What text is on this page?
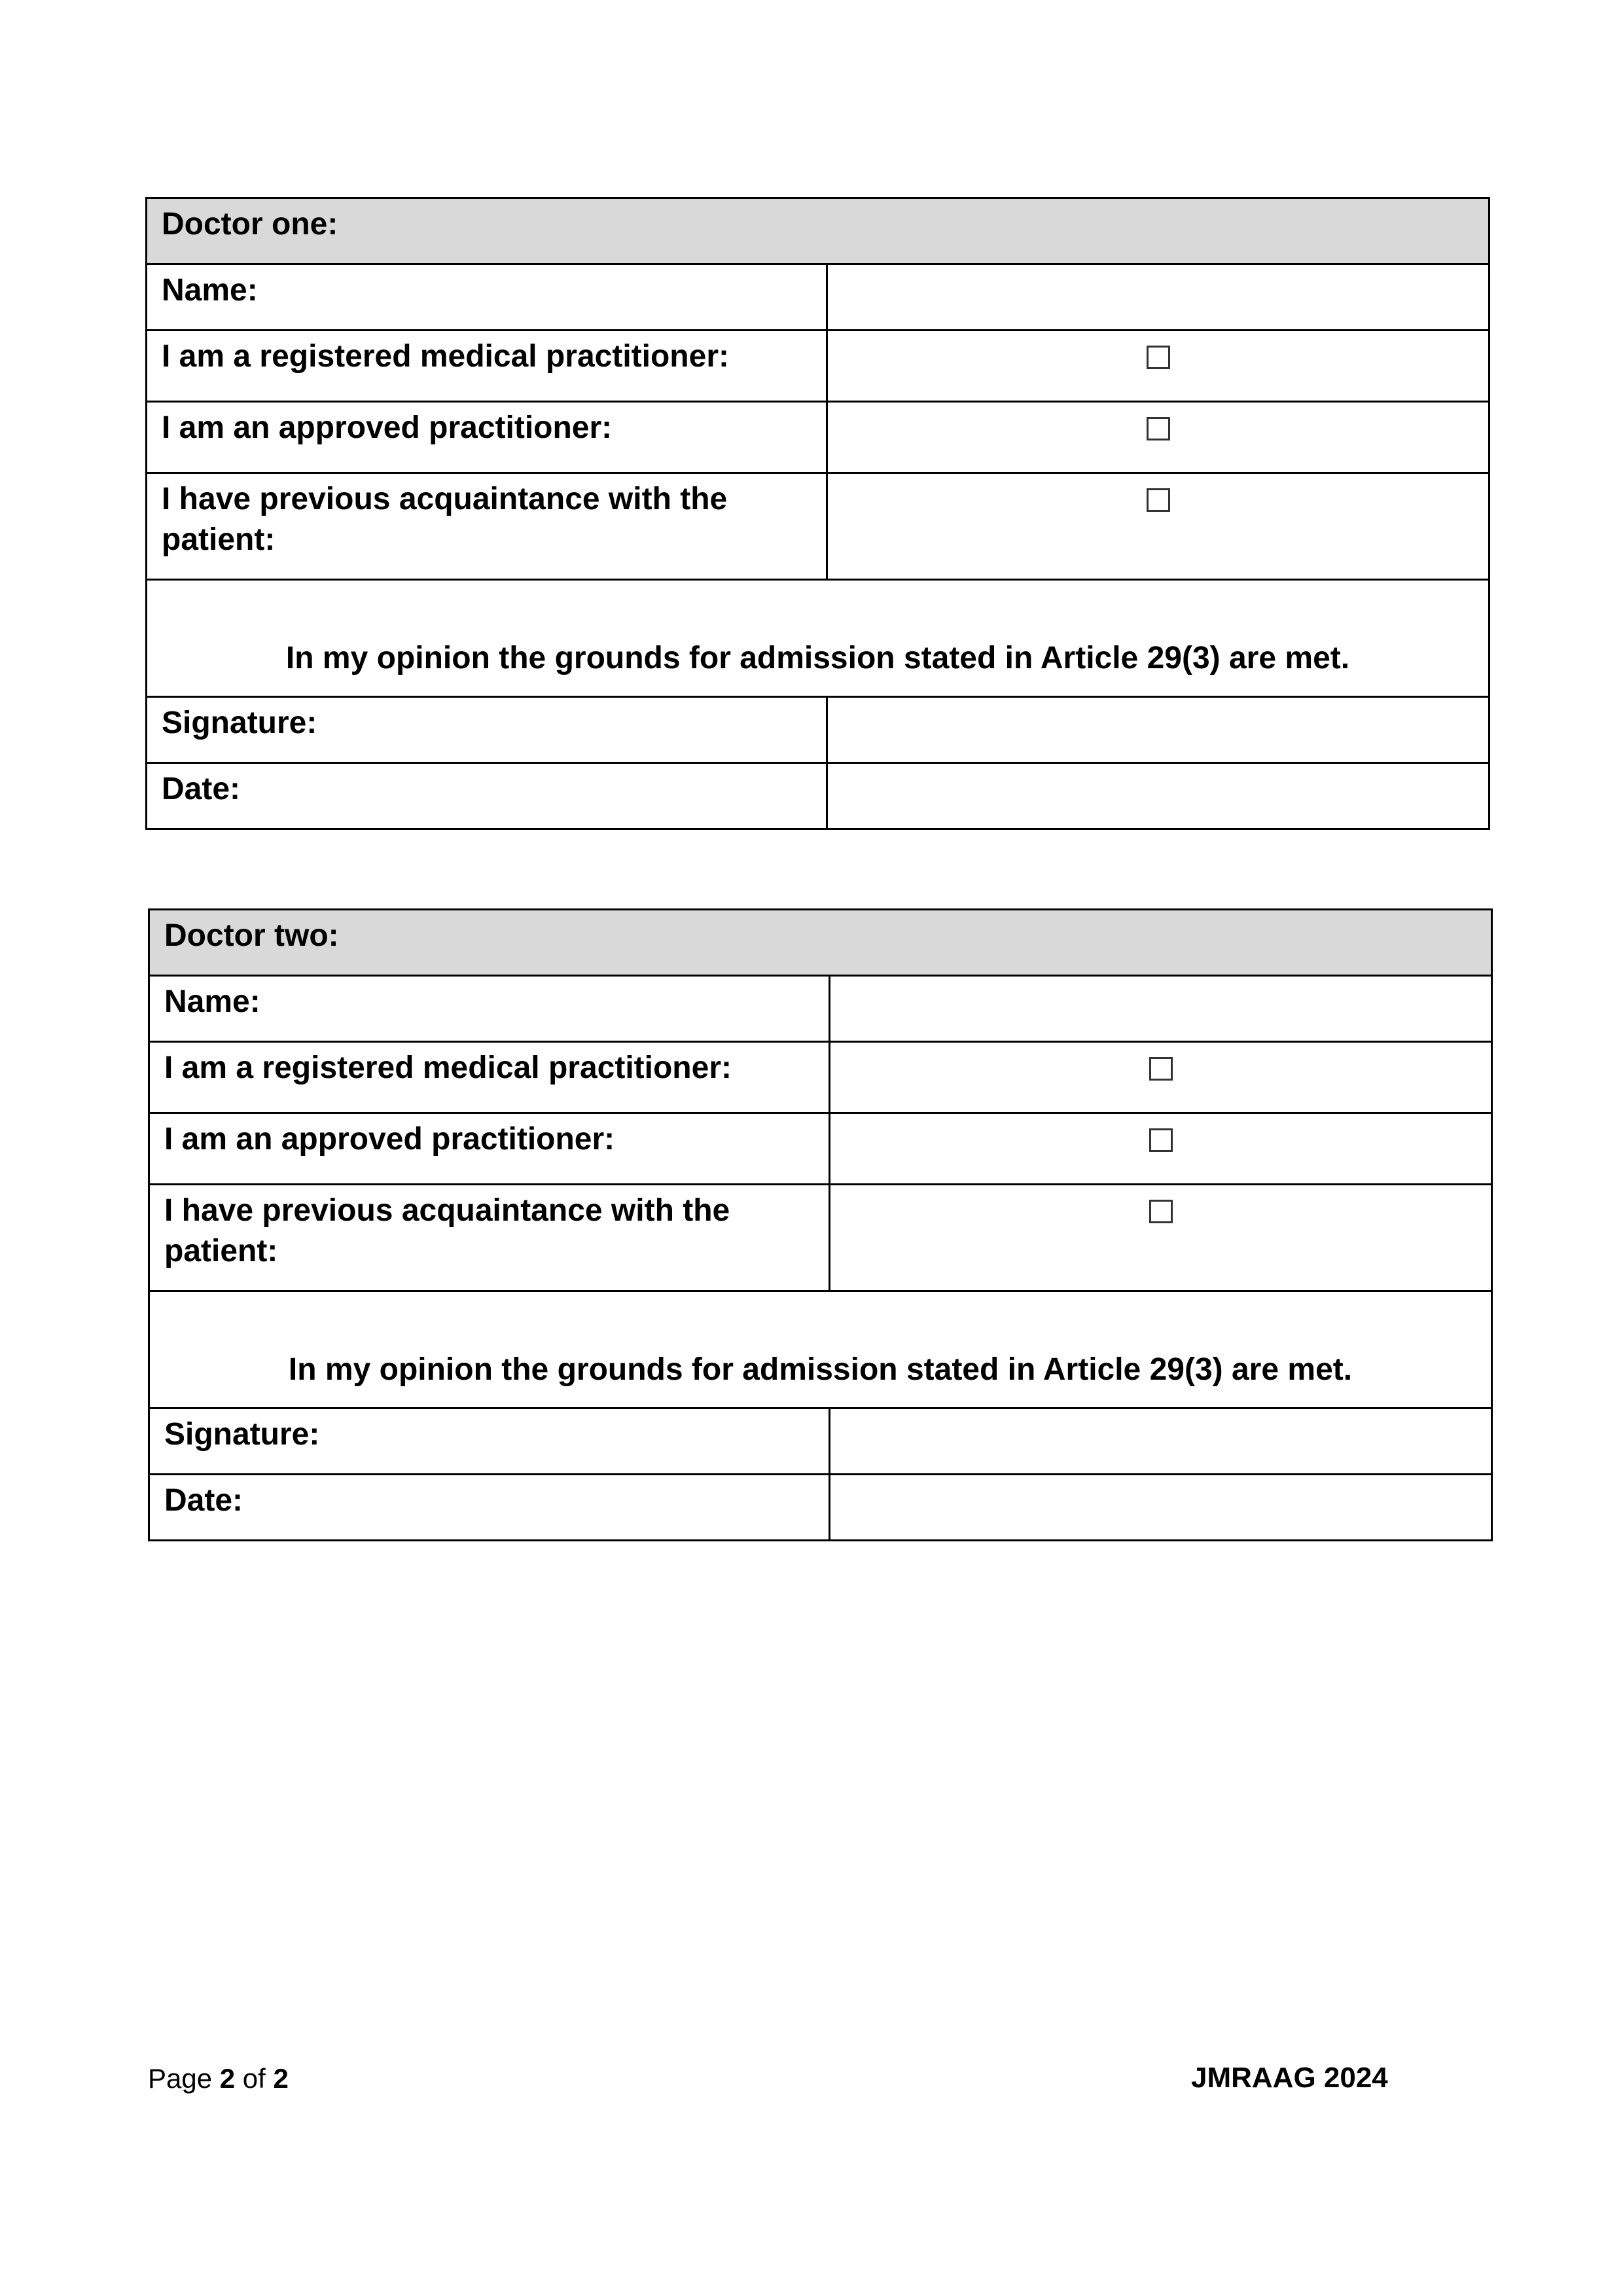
Doctor one:	
Name:	
I am a registered medical practitioner:	
I am an approved practitioner:	
I have previous acquaintance with the patient:	
In my opinion the grounds for admission stated in Article 29(3) are met.	
Signature:	
Date:	
Doctor two:	
Name:	
I am a registered medical practitioner:	
I am an approved practitioner:	
I have previous acquaintance with the patient:	
In my opinion the grounds for admission stated in Article 29(3) are met.	
Signature:	
Date:	
Page 2 of 2	JMRAAG 2024
